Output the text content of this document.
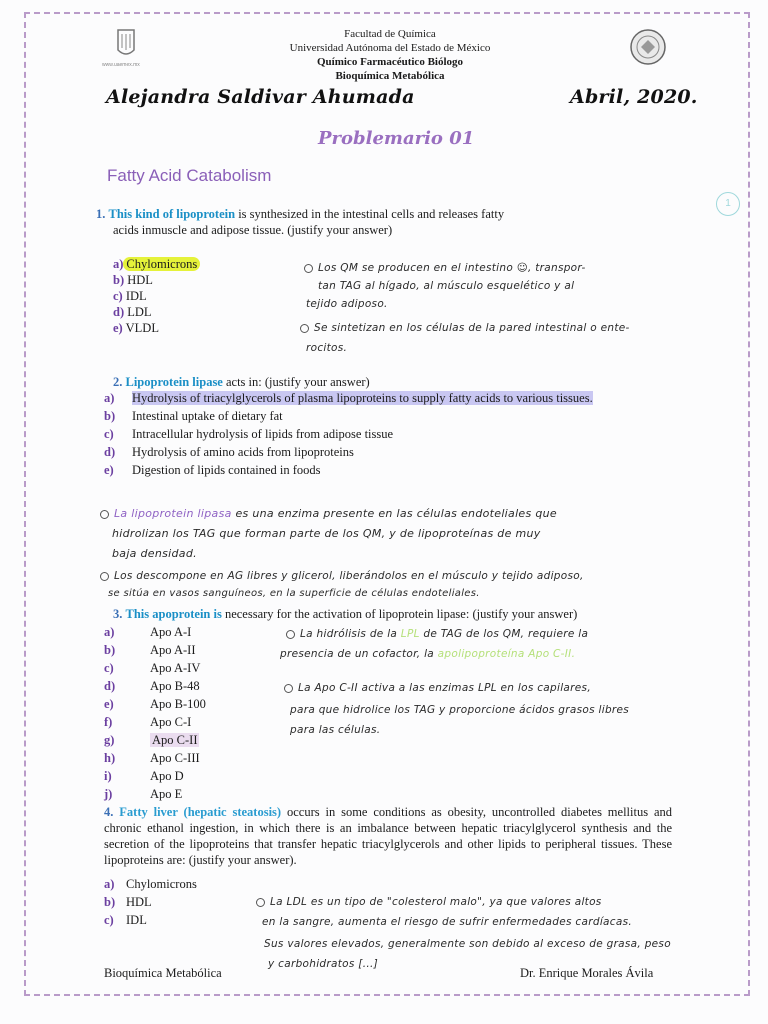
www.uaemex.mx
Facultad de Química
Universidad Autónoma del Estado de México
Químico Farmacéutico Biólogo
Bioquímica Metabólica
Alejandra Saldivar Ahumada	Abril, 2020.
Problemario 01
Fatty Acid Catabolism
1
1. This kind of lipoprotein is synthesized in the intestinal cells and releases fatty
acids inmuscle and adipose tissue. (justify your answer)
a) Chylomicrons
b) HDL
c) IDL
d) LDL
e) VLDL
Los QM se producen en el intestino ☺, transpor-
tan TAG al hígado, al músculo esquelético y al
tejido adiposo.
Se sintetizan en los células de la pared intestinal o ente-
rocitos.
2. Lipoprotein lipase acts in: (justify your answer)
a) Hydrolysis of triacylglycerols of plasma lipoproteins to supply fatty acids to various tissues.
b) Intestinal uptake of dietary fat
c) Intracellular hydrolysis of lipids from adipose tissue
d) Hydrolysis of amino acids from lipoproteins
e) Digestion of lipids contained in foods
La lipoprotein lipasa es una enzima presente en las células endoteliales que
hidrolizan los TAG que forman parte de los QM, y de lipoproteínas de muy
baja densidad.
Los descompone en AG libres y glicerol, liberándolos en el músculo y tejido adiposo,
se sitúa en vasos sanguíneos, en la superficie de células endoteliales.
3. This apoprotein is necessary for the activation of lipoprotein lipase: (justify your answer)
a)	Apo A-I
b)	Apo A-II
c)	Apo A-IV
d)	Apo B-48
e)	Apo B-100
f)	Apo C-I
g)	Apo C-II
h)	Apo C-III
i)	Apo D
j)	Apo E
La hidrólisis de la LPL de TAG de los QM, requiere la
presencia de un cofactor, la apolipoproteína Apo C-II.
La Apo C-II activa a las enzimas LPL en los capilares,
para que hidrolice los TAG y proporcione ácidos grasos libres
para las células.
4. Fatty liver (hepatic steatosis) occurs in some conditions as obesity, uncontrolled diabetes mellitus and chronic ethanol ingestion, in which there is an imbalance between hepatic triacylglycerol synthesis and the secretion of the lipoproteins that transfer hepatic triacylglycerols and other lipids to peripheral tissues. These lipoproteins are: (justify your answer).
a) Chylomicrons
b) HDL
c) IDL
La LDL es un tipo de "colesterol malo", ya que valores altos
en la sangre, aumenta el riesgo de sufrir enfermedades cardíacas.
Sus valores elevados, generalmente son debido al exceso de grasa, peso
y carbohidratos [...]
Bioquímica Metabólica	Dr. Enrique Morales Ávila
